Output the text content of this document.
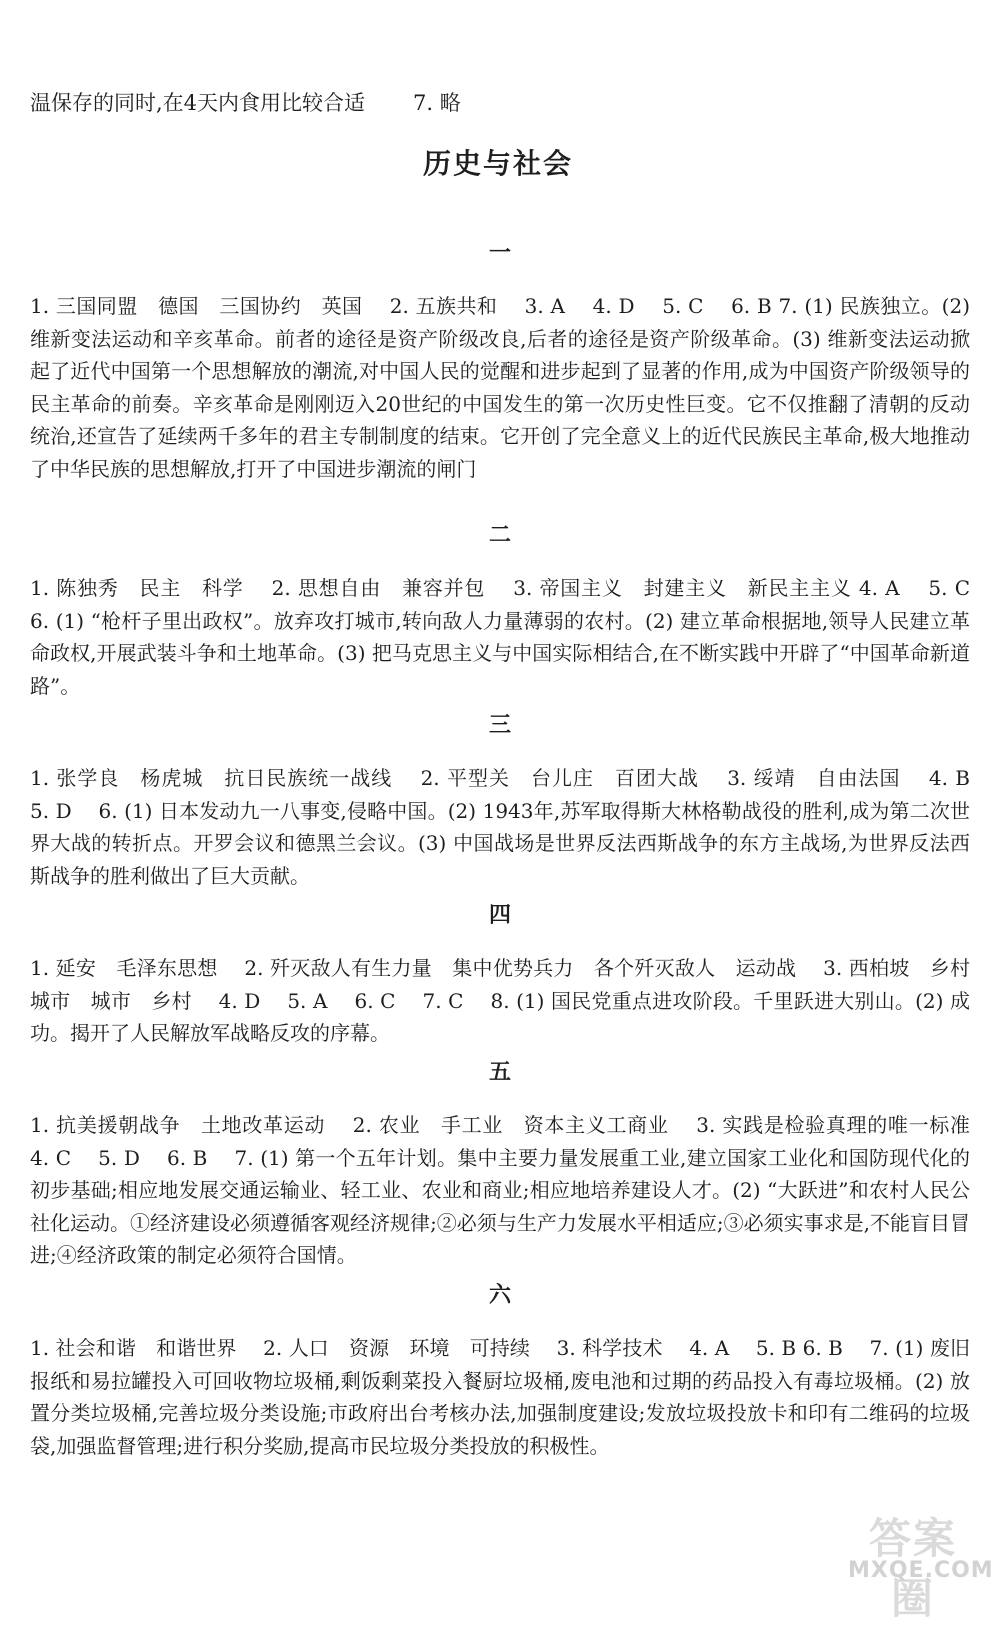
温保存的同时,在4天内食用比较合适 7. 略
历史与社会
一
1. 三国同盟　德国　三国协约　英国　 2. 五族共和　 3. A　 4. D　 5. C　 6. B 7. (1) 民族独立。(2) 维新变法运动和辛亥革命。前者的途径是资产阶级改良,后者的途径是资产阶级革命。(3) 维新变法运动掀起了近代中国第一个思想解放的潮流,对中国人民的觉醒和进步起到了显著的作用,成为中国资产阶级领导的民主革命的前奏。辛亥革命是刚刚迈入20世纪的中国发生的第一次历史性巨变。它不仅推翻了清朝的反动统治,还宣告了延续两千多年的君主专制制度的结束。它开创了完全意义上的近代民族民主革命,极大地推动了中华民族的思想解放,打开了中国进步潮流的闸门
二
1. 陈独秀　民主　科学　 2. 思想自由　兼容并包　 3. 帝国主义　封建主义　新民主主义 4. A　 5. C　 6. (1) “枪杆子里出政权”。放弃攻打城市,转向敌人力量薄弱的农村。(2) 建立革命根据地,领导人民建立革命政权,开展武装斗争和土地革命。(3) 把马克思主义与中国实际相结合,在不断实践中开辟了“中国革命新道路”。
三
1. 张学良　杨虎城　抗日民族统一战线　 2. 平型关　台儿庄　百团大战　 3. 绥靖　自由法国　 4. B　 5. D　 6. (1) 日本发动九一八事变,侵略中国。(2) 1943年,苏军取得斯大林格勒战役的胜利,成为第二次世界大战的转折点。开罗会议和德黑兰会议。(3) 中国战场是世界反法西斯战争的东方主战场,为世界反法西斯战争的胜利做出了巨大贡献。
四
1. 延安　毛泽东思想　 2. 歼灭敌人有生力量　集中优势兵力　各个歼灭敌人　运动战　 3. 西柏坡　乡村　城市　城市　乡村　 4. D　 5. A　 6. C　 7. C　 8. (1) 国民党重点进攻阶段。千里跃进大别山。(2) 成功。揭开了人民解放军战略反攻的序幕。
五
1. 抗美援朝战争　土地改革运动　 2. 农业　手工业　资本主义工商业　 3. 实践是检验真理的唯一标准　 4. C　 5. D　 6. B　 7. (1) 第一个五年计划。集中主要力量发展重工业,建立国家工业化和国防现代化的初步基础;相应地发展交通运输业、轻工业、农业和商业;相应地培养建设人才。(2) “大跃进”和农村人民公社化运动。①经济建设必须遵循客观经济规律;②必须与生产力发展水平相适应;③必须实事求是,不能盲目冒进;④经济政策的制定必须符合国情。
六
1. 社会和谐　和谐世界　 2. 人口　资源　环境　可持续　 3. 科学技术　 4. A　 5. B 6. B　 7. (1) 废旧报纸和易拉罐投入可回收物垃圾桶,剩饭剩菜投入餐厨垃圾桶,废电池和过期的药品投入有毒垃圾桶。(2) 放置分类垃圾桶,完善垃圾分类设施;市政府出台考核办法,加强制度建设;发放垃圾投放卡和印有二维码的垃圾袋,加强监督管理;进行积分奖励,提高市民垃圾分类投放的积极性。
答案圈
MXQE.COM
